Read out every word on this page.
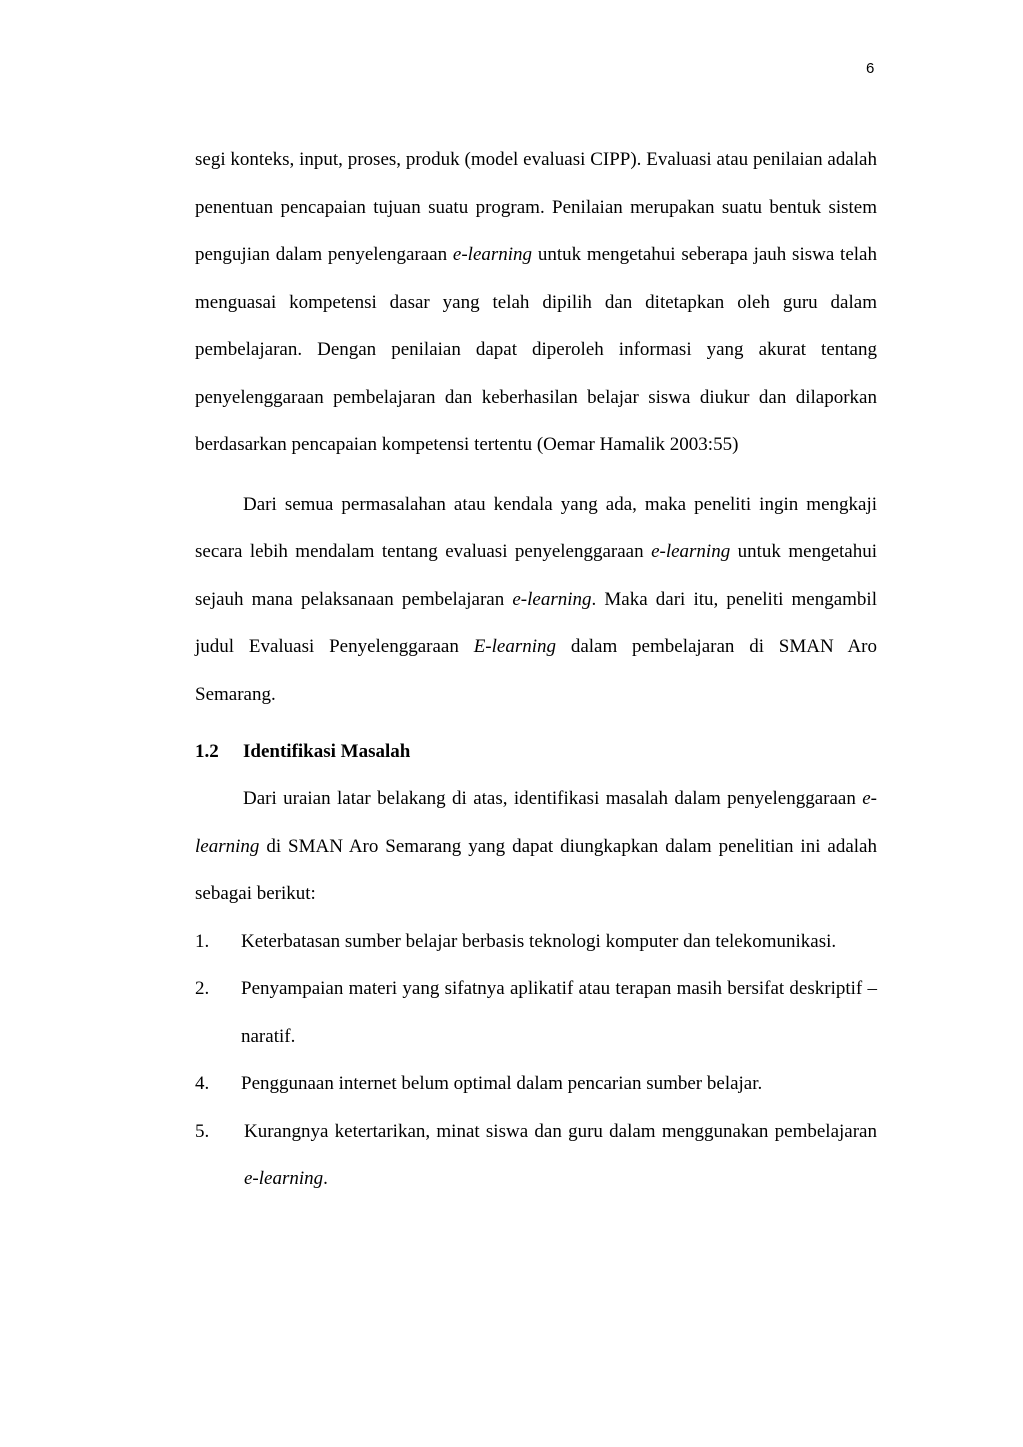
6

segi konteks, input, proses, produk (model evaluasi CIPP). Evaluasi atau penilaian adalah penentuan pencapaian tujuan suatu program. Penilaian merupakan suatu bentuk sistem pengujian dalam penyelengaraan e-learning untuk mengetahui seberapa jauh siswa telah menguasai kompetensi dasar yang telah dipilih dan ditetapkan oleh guru dalam pembelajaran. Dengan penilaian dapat diperoleh informasi yang akurat tentang penyelenggaraan pembelajaran dan keberhasilan belajar siswa diukur dan dilaporkan berdasarkan pencapaian kompetensi tertentu (Oemar Hamalik 2003:55)

Dari semua permasalahan atau kendala yang ada, maka peneliti ingin mengkaji secara lebih mendalam tentang evaluasi penyelenggaraan e-learning untuk mengetahui sejauh mana pelaksanaan pembelajaran e-learning. Maka dari itu, peneliti mengambil judul Evaluasi Penyelenggaraan E-learning dalam pembelajaran di SMAN Aro Semarang.

1.2 Identifikasi Masalah

Dari uraian latar belakang di atas, identifikasi masalah dalam penyelenggaraan e-learning di SMAN Aro Semarang yang dapat diungkapkan dalam penelitian ini adalah sebagai berikut:

1. Keterbatasan sumber belajar berbasis teknologi komputer dan telekomunikasi.
2. Penyampaian materi yang sifatnya aplikatif atau terapan masih bersifat deskriptif – naratif.
4. Penggunaan internet belum optimal dalam pencarian sumber belajar.
5. Kurangnya ketertarikan, minat siswa dan guru dalam menggunakan pembelajaran e-learning.
